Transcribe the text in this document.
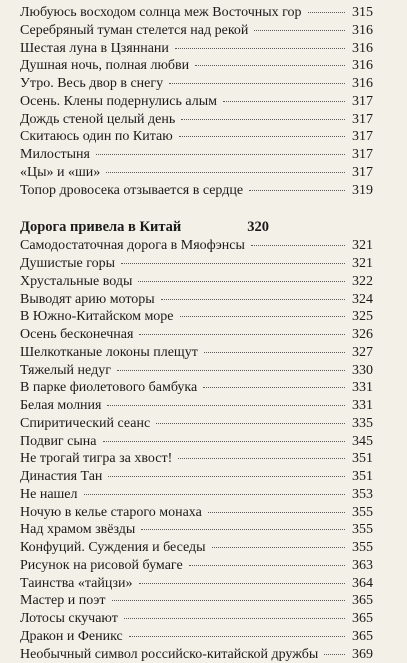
Любуюсь восходом солнца меж Восточных гор	315
Серебряный туман стелется над рекой	316
Шестая луна в Цзяннани	316
Душная ночь, полная любви	316
Утро. Весь двор в снегу	316
Осень. Клены подернулись алым	317
Дождь стеной целый день	317
Скитаюсь один по Китаю	317
Милостыня	317
«Цы» и «ши»	317
Топор дровосека отзывается в сердце	319
Дорога привела в Китай	320
Самодостаточная дорога в Мяофэнсы	321
Душистые горы	321
Хрустальные воды	322
Выводят арию моторы	324
В Южно-Китайском море	325
Осень бесконечная	326
Шелкотканые локоны плещут	327
Тяжелый недуг	330
В парке фиолетового бамбука	331
Белая молния	331
Спиритический сеанс	335
Подвиг сына	345
Не трогай тигра за хвост!	351
Династия Тан	351
Не нашел	353
Ночую в келье старого монаха	355
Над храмом звёзды	355
Конфуций. Суждения и беседы	355
Рисунок на рисовой бумаге	363
Таинства «тайцзи»	364
Мастер и поэт	365
Лотосы скучают	365
Дракон и Феникс	365
Необычный символ российско-китайской дружбы 369
